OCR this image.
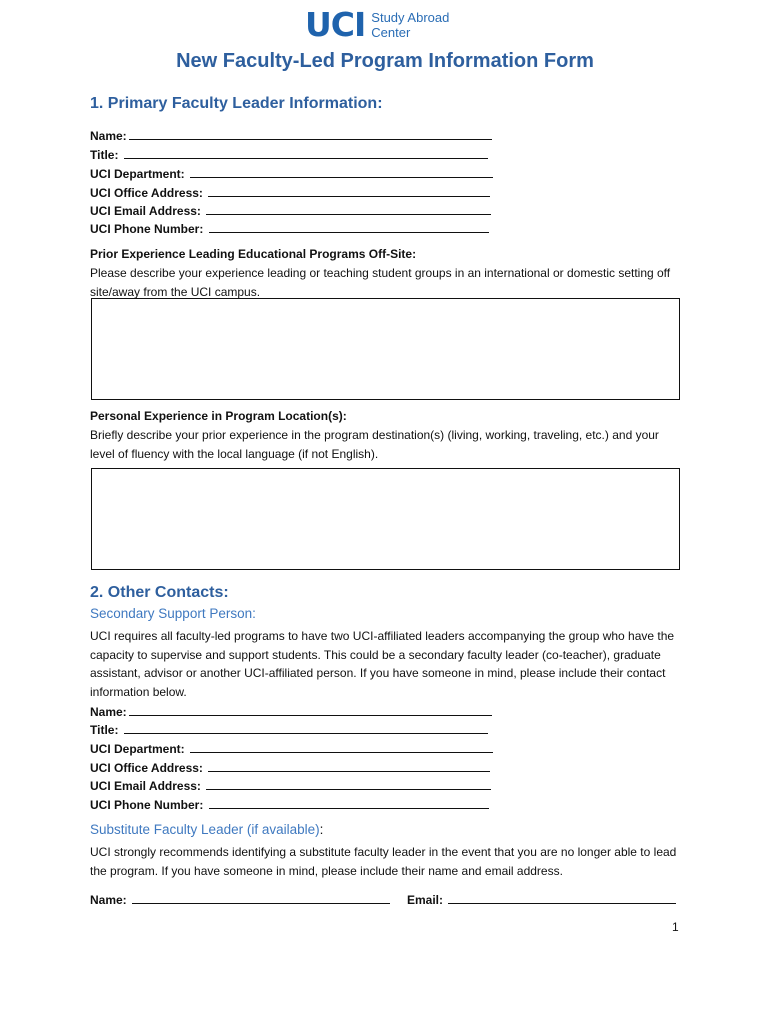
UCI Study Abroad
Center
New Faculty-Led Program Information Form
1. Primary Faculty Leader Information:
Name:
Title:
UCI Department:
UCI Office Address:
UCI Email Address:
UCI Phone Number:
Prior Experience Leading Educational Programs Off-Site:
Please describe your experience leading or teaching student groups in an international or domestic setting off site/away from the UCI campus.
Personal Experience in Program Location(s):
Briefly describe your prior experience in the program destination(s) (living, working, traveling, etc.) and your level of fluency with the local language (if not English).
2. Other Contacts:
Secondary Support Person:
UCI requires all faculty-led programs to have two UCI-affiliated leaders accompanying the group who have the capacity to supervise and support students. This could be a secondary faculty leader (co-teacher), graduate assistant, advisor or another UCI-affiliated person. If you have someone in mind, please include their contact information below.
Name:
Title:
UCI Department:
UCI Office Address:
UCI Email Address:
UCI Phone Number:
Substitute Faculty Leader (if available):
UCI strongly recommends identifying a substitute faculty leader in the event that you are no longer able to lead the program. If you have someone in mind, please include their name and email address.
Name:	Email:
1
